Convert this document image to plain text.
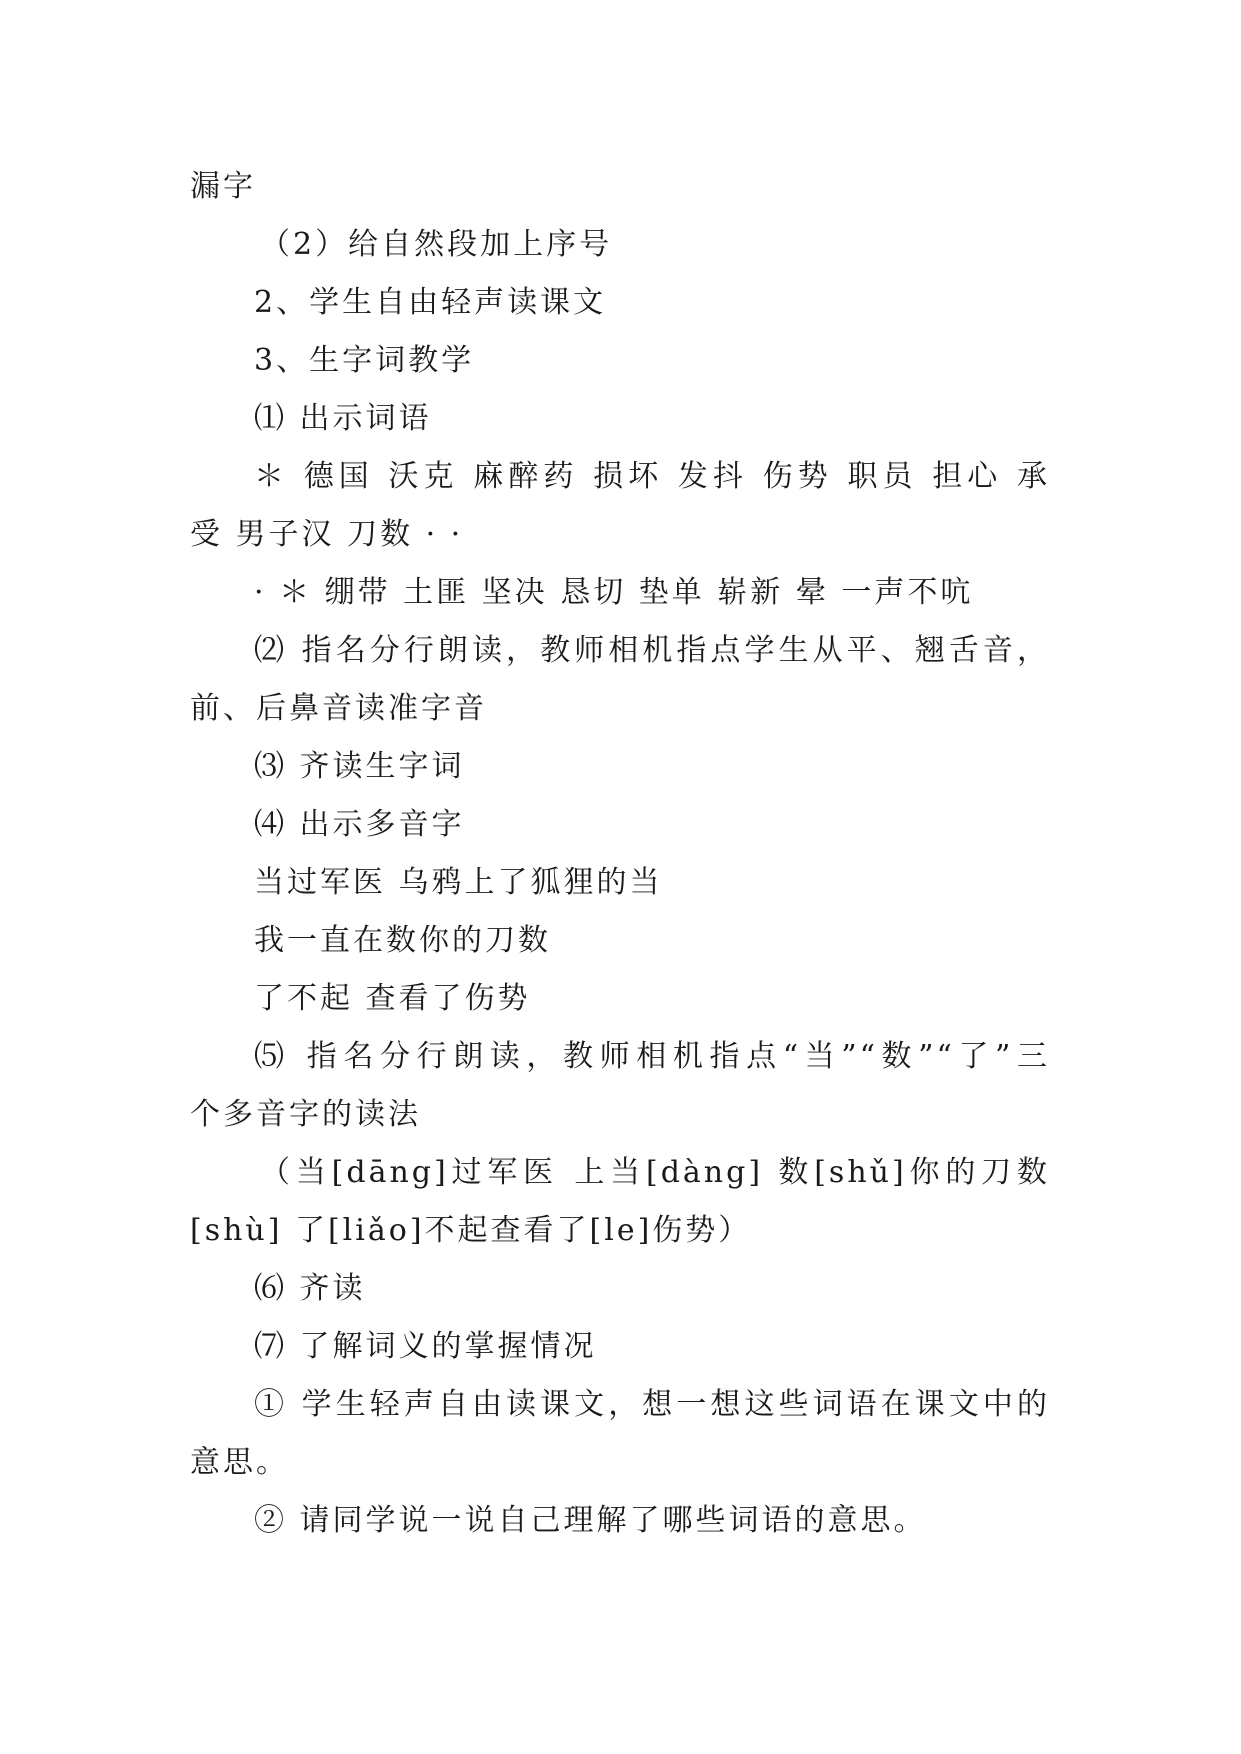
漏字

（2）给自然段加上序号

2、学生自由轻声读课文

3、生字词教学

⑴ 出示词语

＊ 德国 沃克 麻醉药 损坏 发抖 伤势 职员 担心 承

受 男子汉 刀数 · ·

· ＊ 绷带 土匪 坚决 恳切 垫单 崭新 晕 一声不吭

⑵ 指名分行朗读，教师相机指点学生从平、翘舌音，

前、后鼻音读准字音

⑶ 齐读生字词

⑷ 出示多音字

当过军医 乌鸦上了狐狸的当

我一直在数你的刀数

了不起 查看了伤势

⑸ 指名分行朗读，教师相机指点“当”“数”“了”三

个多音字的读法

（当[dāng]过军医 上当[dàng] 数[shǔ]你的刀数

[shù] 了[liǎo]不起查看了[le]伤势）

⑹ 齐读

⑺ 了解词义的掌握情况

① 学生轻声自由读课文，想一想这些词语在课文中的

意思。

② 请同学说一说自己理解了哪些词语的意思。
